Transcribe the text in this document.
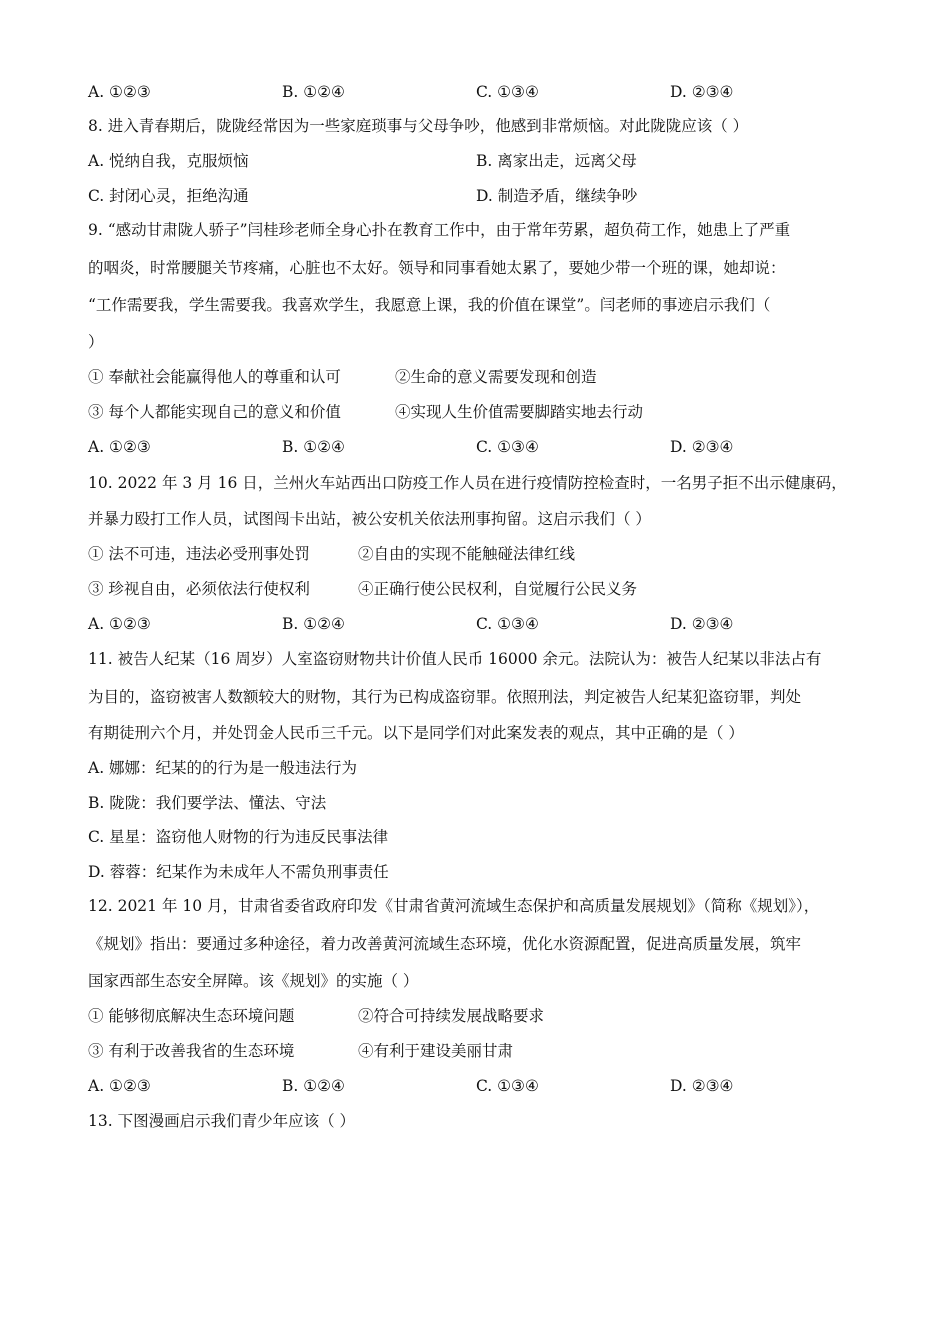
A. ①②③	B. ①②④	C. ①③④	D. ②③④
8. 进入青春期后，陇陇经常因为一些家庭琐事与父母争吵，他感到非常烦恼。对此陇陇应该（ ）
A. 悦纳自我，克服烦恼	B. 离家出走，远离父母
C. 封闭心灵，拒绝沟通	D. 制造矛盾，继续争吵
9. “感动甘肃陇人骄子”闫桂珍老师全身心扑在教育工作中，由于常年劳累，超负荷工作，她患上了严重
的咽炎，时常腰腿关节疼痛，心脏也不太好。领导和同事看她太累了，要她少带一个班的课，她却说：
“工作需要我，学生需要我。我喜欢学生，我愿意上课，我的价值在课堂”。闫老师的事迹启示我们（
）
① 奉献社会能赢得他人的尊重和认可	②生命的意义需要发现和创造
③ 每个人都能实现自己的意义和价值	④实现人生价值需要脚踏实地去行动
A. ①②③	B. ①②④	C. ①③④	D. ②③④
10. 2022 年 3 月 16 日，兰州火车站西出口防疫工作人员在进行疫情防控检查时，一名男子拒不出示健康码，
并暴力殴打工作人员，试图闯卡出站，被公安机关依法刑事拘留。这启示我们（ ）
① 法不可违，违法必受刑事处罚	②自由的实现不能触碰法律红线
③ 珍视自由，必须依法行使权利	④正确行使公民权利，自觉履行公民义务
A. ①②③	B. ①②④	C. ①③④	D. ②③④
11. 被告人纪某（16 周岁）人室盗窃财物共计价值人民币 16000 余元。法院认为：被告人纪某以非法占有
为目的，盗窃被害人数额较大的财物，其行为已构成盗窃罪。依照刑法，判定被告人纪某犯盗窃罪，判处
有期徒刑六个月，并处罚金人民币三千元。以下是同学们对此案发表的观点，其中正确的是（ ）
A. 娜娜：纪某的的行为是一般违法行为
B. 陇陇：我们要学法、懂法、守法
C. 星星：盗窃他人财物的行为违反民事法律
D. 蓉蓉：纪某作为未成年人不需负刑事责任
12. 2021 年 10 月，甘肃省委省政府印发《甘肃省黄河流域生态保护和高质量发展规划》（简称《规划》），
《规划》指出：要通过多种途径，着力改善黄河流域生态环境，优化水资源配置，促进高质量发展，筑牢
国家西部生态安全屏障。该《规划》的实施（ ）
① 能够彻底解决生态环境问题	②符合可持续发展战略要求
③ 有利于改善我省的生态环境	④有利于建设美丽甘肃
A. ①②③	B. ①②④	C. ①③④	D. ②③④
13. 下图漫画启示我们青少年应该（ ）
